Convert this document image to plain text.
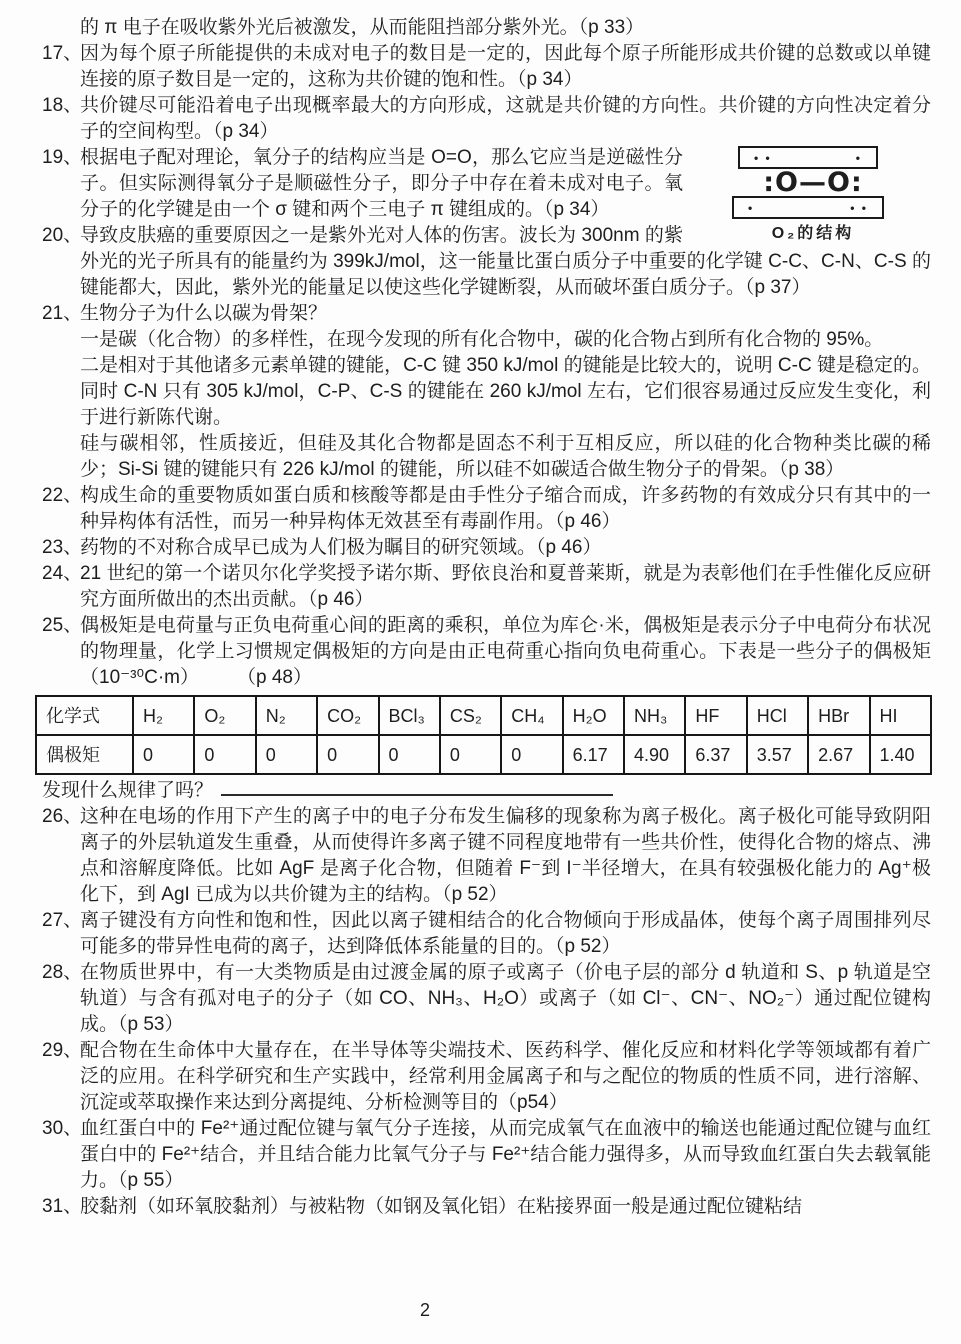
的 π 电子在吸收紫外光后被激发，从而能阻挡部分紫外光。（p 33）

17、

因为每个原子所能提供的未成对电子的数目是一定的，因此每个原子所能形成共价键的总数或以单键连接的原子数目是一定的，这称为共价键的饱和性。（p 34）

18、

共价键尽可能沿着电子出现概率最大的方向形成，这就是共价键的方向性。共价键的方向性决定着分子的空间构型。（p 34）

19、	• •	•
:O—O:
•	• •
O₂的结构

根据电子配对理论，氧分子的结构应当是 O=O，那么它应当是逆磁性分子。但实际测得氧分子是顺磁性分子，即分子中存在着未成对电子。氧分子的化学键是由一个 σ 键和两个三电子 π 键组成的。（p 34）

20、

导致皮肤癌的重要原因之一是紫外光对人体的伤害。波长为 300nm 的紫外光的光子所具有的能量约为 399kJ/mol，这一能量比蛋白质分子中重要的化学键 C-C、C-N、C-S 的键能都大，因此，紫外光的能量足以使这些化学键断裂，从而破坏蛋白质分子。（p 37）

21、

生物分子为什么以碳为骨架？

一是碳（化合物）的多样性，在现今发现的所有化合物中，碳的化合物占到所有化合物的 95%。

二是相对于其他诸多元素单键的键能，C-C 键 350 kJ/mol 的键能是比较大的，说明 C-C 键是稳定的。同时 C-N 只有 305 kJ/mol，C-P、C-S 的键能在 260 kJ/mol 左右，它们很容易通过反应发生变化，利于进行新陈代谢。

硅与碳相邻，性质接近，但硅及其化合物都是固态不利于互相反应，所以硅的化合物种类比碳的稀少；Si-Si 键的键能只有 226 kJ/mol 的键能，所以硅不如碳适合做生物分子的骨架。（p 38）

22、

构成生命的重要物质如蛋白质和核酸等都是由手性分子缩合而成，许多药物的有效成分只有其中的一种异构体有活性，而另一种异构体无效甚至有毒副作用。（p 46）

23、

药物的不对称合成早已成为人们极为瞩目的研究领域。（p 46）

24、

21 世纪的第一个诺贝尔化学奖授予诺尔斯、野依良治和夏普莱斯，就是为表彰他们在手性催化反应研究方面所做出的杰出贡献。（p 46）

25、

偶极矩是电荷量与正负电荷重心间的距离的乘积，单位为库仑·米，偶极矩是表示分子中电荷分布状况的物理量，化学上习惯规定偶极矩的方向是由正电荷重心指向负电荷重心。下表是一些分子的偶极矩（10⁻³⁰C·m）　　　（p 48）

化学式	H₂	O₂	N₂	CO₂	BCl₃	CS₂	CH₄	H₂O	NH₃	HF	HCl	HBr	HI
偶极矩	0	0	0	0	0	0	0	6.17	4.90	6.37	3.57	2.67	1.40
发现什么规律了吗？
26、

这种在电场的作用下产生的离子中的电子分布发生偏移的现象称为离子极化。离子极化可能导致阴阳离子的外层轨道发生重叠，从而使得许多离子键不同程度地带有一些共价性，使得化合物的熔点、沸点和溶解度降低。比如 AgF 是离子化合物，但随着 F⁻到 I⁻半径增大，在具有较强极化能力的 Ag⁺极化下，到 AgI 已成为以共价键为主的结构。（p 52）

27、

离子键没有方向性和饱和性，因此以离子键相结合的化合物倾向于形成晶体，使每个离子周围排列尽可能多的带异性电荷的离子，达到降低体系能量的目的。（p 52）

28、

在物质世界中，有一大类物质是由过渡金属的原子或离子（价电子层的部分 d 轨道和 S、p 轨道是空轨道）与含有孤对电子的分子（如 CO、NH₃、H₂O）或离子（如 Cl⁻、CN⁻、NO₂⁻）通过配位键构成。（p 53）

29、

配合物在生命体中大量存在，在半导体等尖端技术、医药科学、催化反应和材料化学等领域都有着广泛的应用。在科学研究和生产实践中，经常利用金属离子和与之配位的物质的性质不同，进行溶解、沉淀或萃取操作来达到分离提纯、分析检测等目的（p54）

30、

血红蛋白中的 Fe²⁺通过配位键与氧气分子连接，从而完成氧气在血液中的输送也能通过配位键与血红蛋白中的 Fe²⁺结合，并且结合能力比氧气分子与 Fe²⁺结合能力强得多，从而导致血红蛋白失去载氧能力。（p 55）

31、

胶黏剂（如环氧胶黏剂）与被粘物（如钢及氧化铝）在粘接界面一般是通过配位键粘结

2
